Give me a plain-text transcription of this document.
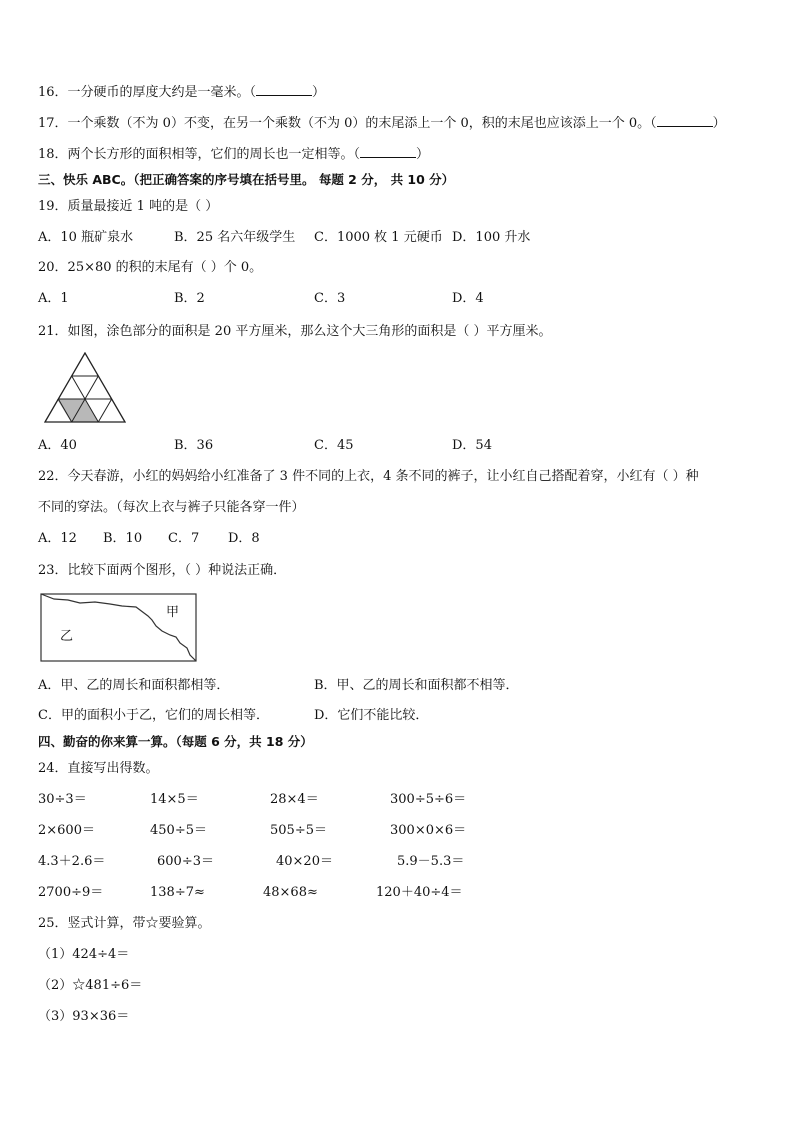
16．一分硬币的厚度大约是一毫米。（	）
17．一个乘数（不为 0）不变，在另一个乘数（不为 0）的末尾添上一个 0，积的末尾也应该添上一个 0。（	）
18．两个长方形的面积相等，它们的周长也一定相等。（	）
三、快乐 ABC。（把正确答案的序号填在括号里。 每题 2 分， 共 10 分）
19．质量最接近 1 吨的是（ ）
A．10 瓶矿泉水	B．25 名六年级学生 C．1000 枚 1 元硬币 D．100 升水
20．25×80 的积的末尾有（ ）个 0。
A．1	B．2	C．3	D．4
21．如图，涂色部分的面积是 20 平方厘米，那么这个大三角形的面积是（ ）平方厘米。
A．40	B．36	C．45	D．54
22．今天春游，小红的妈妈给小红准备了 3 件不同的上衣，4 条不同的裤子，让小红自己搭配着穿，小红有（ ）种
不同的穿法。（每次上衣与裤子只能各穿一件）
A．12 B．10 C．7 D．8
23．比较下面两个图形，（ ）种说法正确．
甲
乙
A．甲、乙的周长和面积都相等．	B．甲、乙的周长和面积都不相等．
C．甲的面积小于乙，它们的周长相等．	D．它们不能比较．
四、勤奋的你来算一算。（每题 6 分，共 18 分）
24．直接写出得数。
30÷3＝	14×5＝	28×4＝	300÷5÷6＝
2×600＝	450÷5＝	505÷5＝	300×0×6＝
4.3＋2.6＝	600÷3＝	40×20＝	5.9－5.3＝
2700÷9＝	138÷7≈	48×68≈	120＋40÷4＝
25．竖式计算，带☆要验算。
（1）424÷4＝
（2）☆481÷6＝
（3）93×36＝
